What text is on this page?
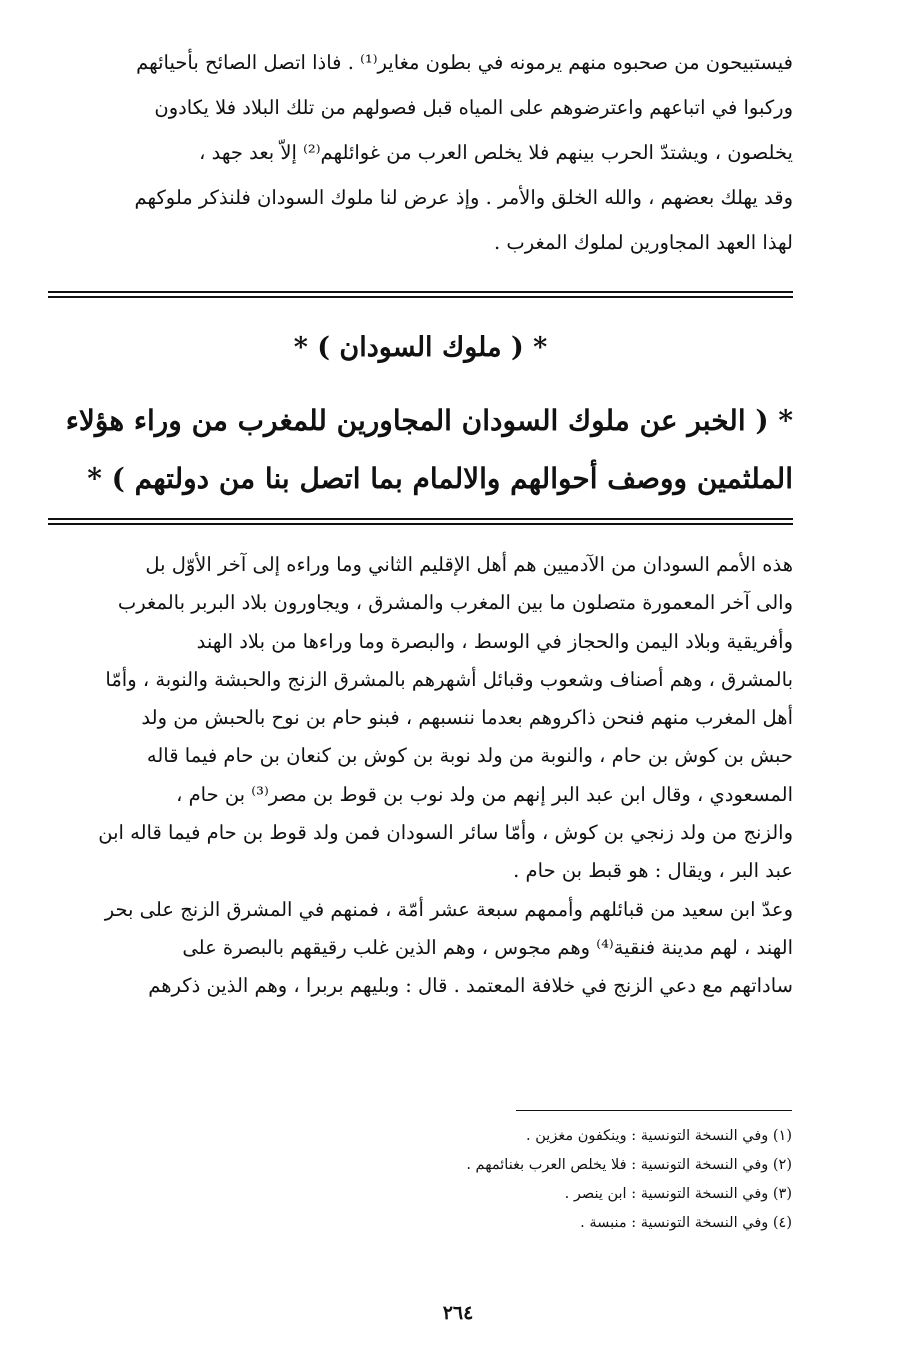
فيستبيحون من صحبوه منهم يرمونه في بطون مغاير⁽¹⁾ . فاذا اتصل الصائح بأحيائهم
وركبوا في اتباعهم واعترضوهم على المياه قبل فصولهم من تلك البلاد فلا يكادون
يخلصون ، ويشتدّ الحرب بينهم فلا يخلص العرب من غوائلهم⁽²⁾ إلاّ بعد جهد ،
وقد يهلك بعضهم ، والله الخلق والأمر . وإذ عرض لنا ملوك السودان فلنذكر ملوكهم
لهذا العهد المجاورين لملوك المغرب .
* ( ملوك السودان ) *
* ( الخبر عن ملوك السودان المجاورين للمغرب من وراء هؤلاء
الملثمين ووصف أحوالهم والالمام بما اتصل بنا من دولتهم ) *
هذه الأمم السودان من الآدميين هم أهل الإقليم الثاني وما وراءه إلى آخر الأوّل بل
والى آخر المعمورة متصلون ما بين المغرب والمشرق ، ويجاورون بلاد البربر بالمغرب
وأفريقية وبلاد اليمن والحجاز في الوسط ، والبصرة وما وراءها من بلاد الهند
بالمشرق ، وهم أصناف وشعوب وقبائل أشهرهم بالمشرق الزنج والحبشة والنوبة ، وأمّا
أهل المغرب منهم فنحن ذاكروهم بعدما ننسبهم ، فبنو حام بن نوح بالحبش من ولد
حبش بن كوش بن حام ، والنوبة من ولد نوبة بن كوش بن كنعان بن حام فيما قاله
المسعودي ، وقال ابن عبد البر إنهم من ولد نوب بن قوط بن مصر⁽³⁾ بن حام ،
والزنج من ولد زنجي بن كوش ، وأمّا سائر السودان فمن ولد قوط بن حام فيما قاله ابن
عبد البر ، ويقال : هو قبط بن حام .
وعدّ ابن سعيد من قبائلهم وأممهم سبعة عشر أمّة ، فمنهم في المشرق الزنج على بحر
الهند ، لهم مدينة فنقية⁽⁴⁾ وهم مجوس ، وهم الذين غلب رقيقهم بالبصرة على
ساداتهم مع دعي الزنج في خلافة المعتمد . قال : وبليهم بربرا ، وهم الذين ذكرهم
(١) وفي النسخة التونسية : وينكفون مغزين .
(٢) وفي النسخة التونسية : فلا يخلص العرب بغنائمهم .
(٣) وفي النسخة التونسية : ابن ينصر .
(٤) وفي النسخة التونسية : منبسة .
٢٦٤
